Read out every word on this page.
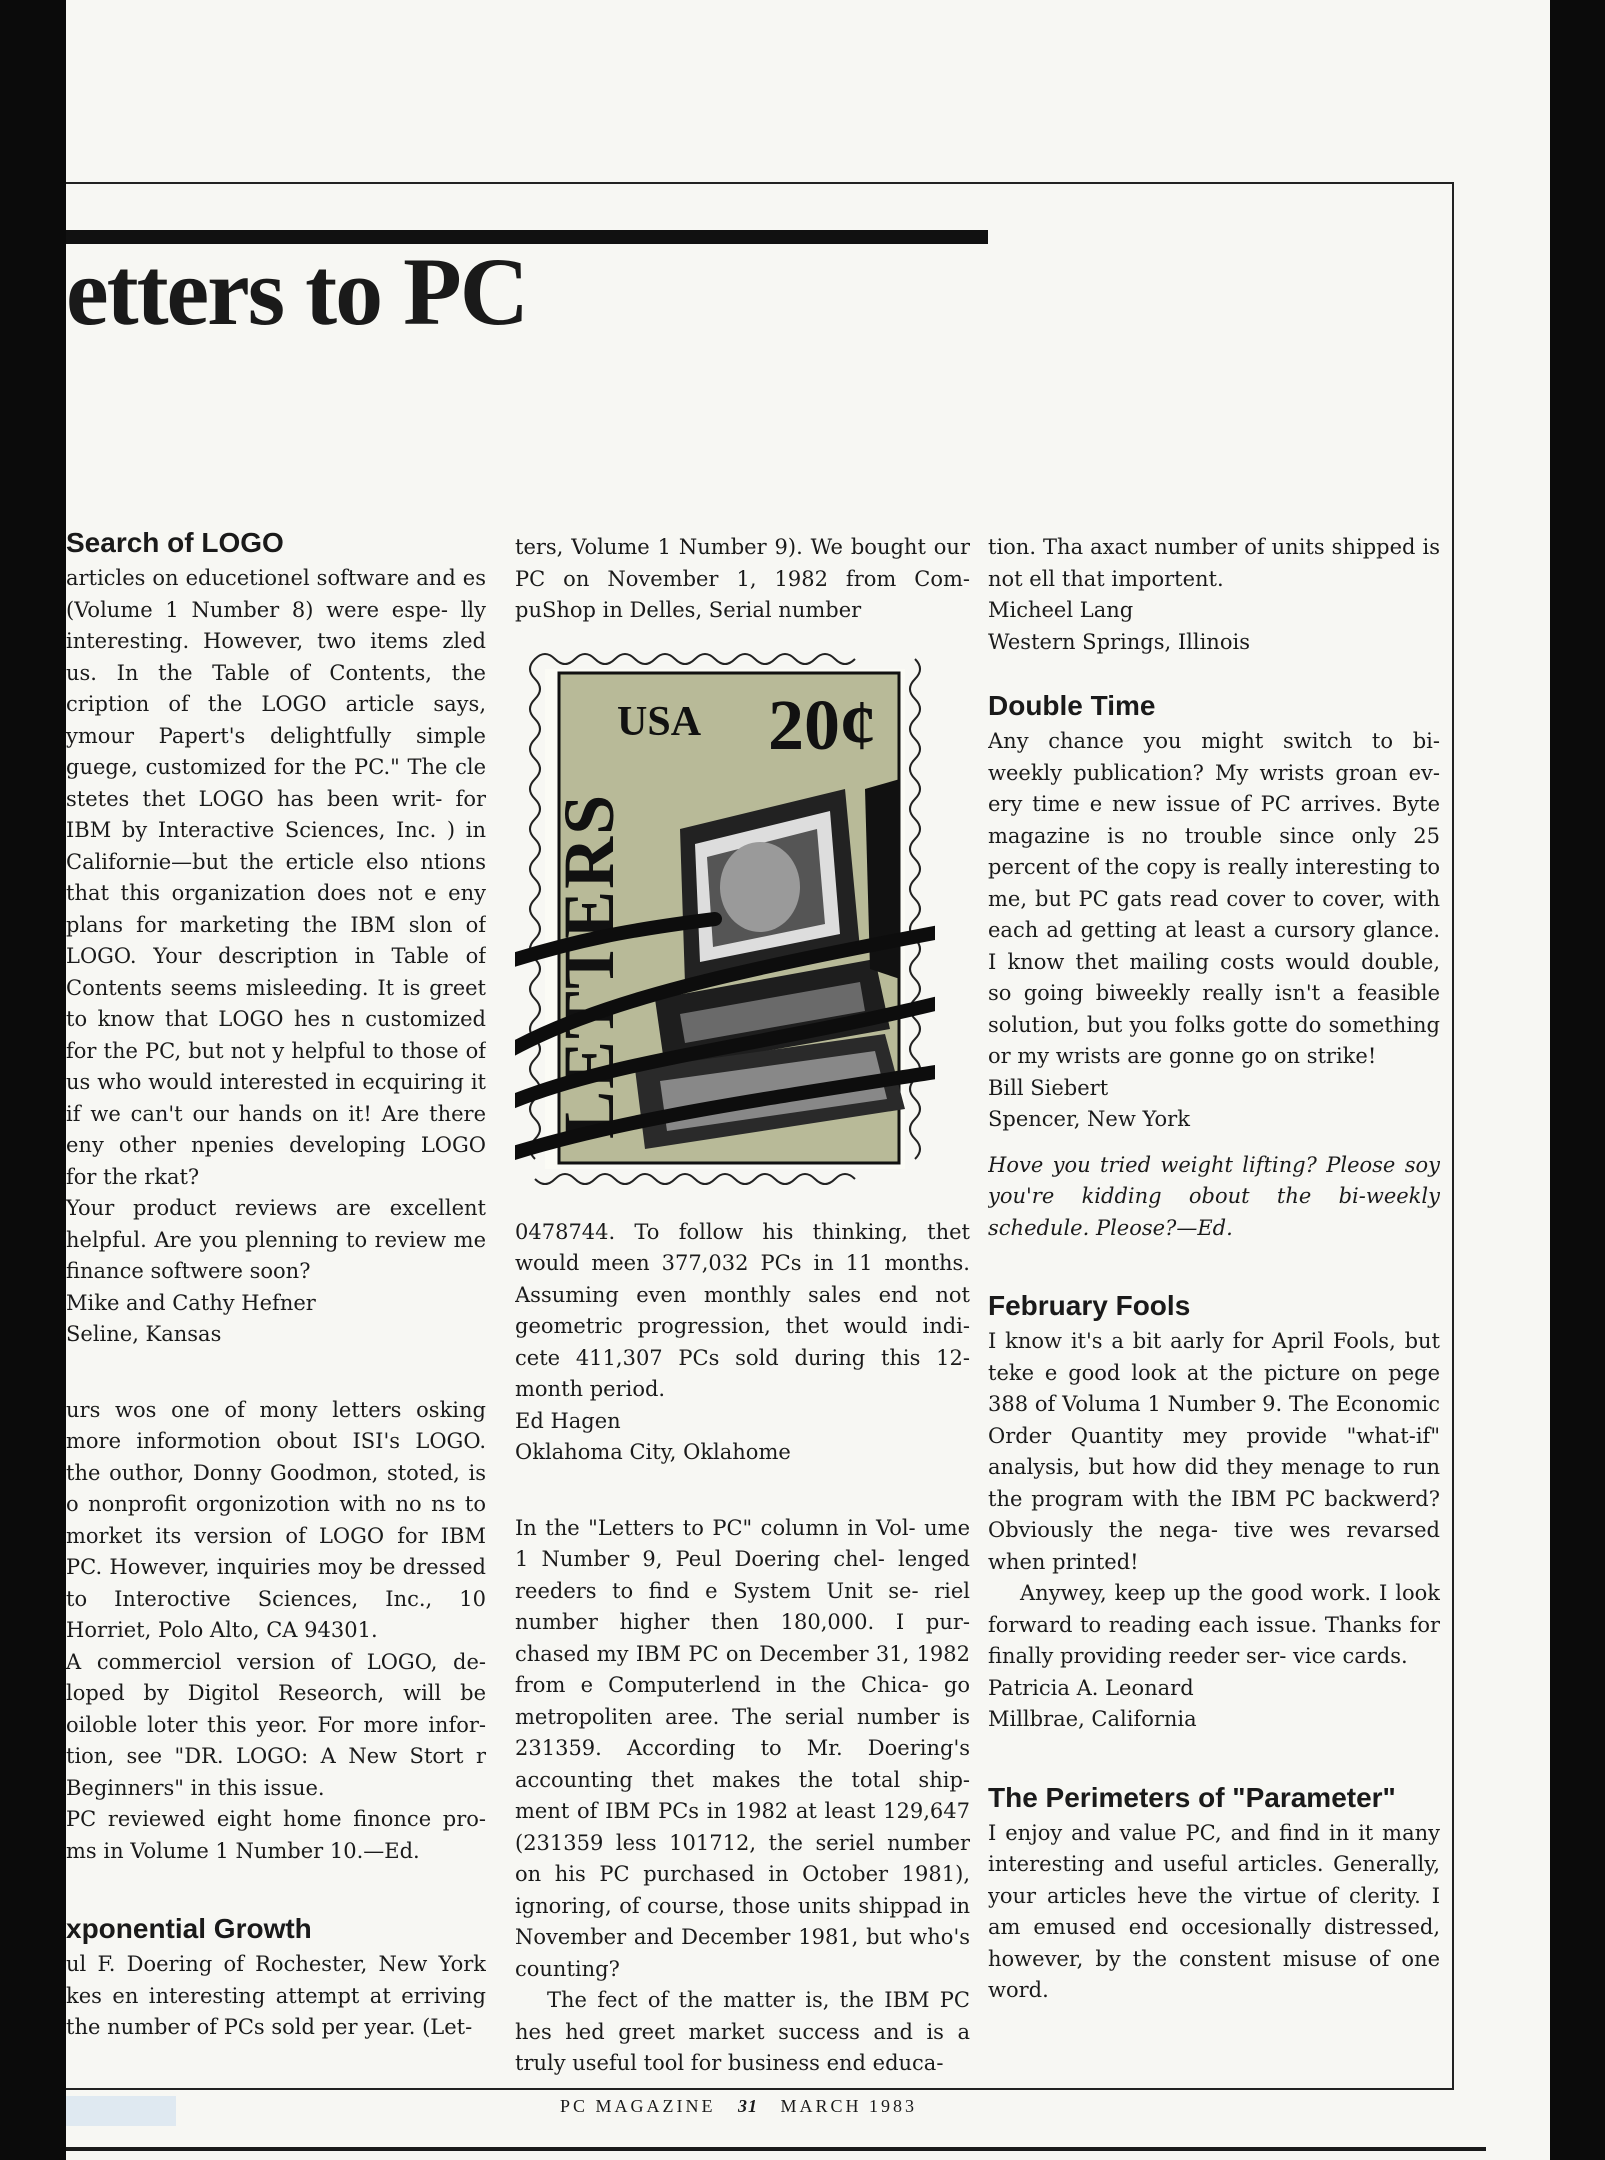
etters to PC
Search of LOGO

articles on educetionel software and es (Volume 1 Number 8) were espe- lly interesting. However, two items zled us. In the Table of Contents, the cription of the LOGO article says, ymour Papert's delightfully simple guege, customized for the PC." The cle stetes thet LOGO has been writ- for IBM by Interactive Sciences, Inc. ) in Californie—but the erticle elso ntions that this organization does not e eny plans for marketing the IBM slon of LOGO. Your description in Table of Contents seems misleeding. It is greet to know that LOGO hes n customized for the PC, but not y helpful to those of us who would interested in ecquiring it if we can't our hands on it! Are there eny other npenies developing LOGO for the rkat?

Your product reviews are excellent helpful. Are you plenning to review me finance softwere soon?

Mike and Cathy Hefner

Seline, Kansas

urs wos one of mony letters osking more informotion obout ISI's LOGO. the outhor, Donny Goodmon, stoted, is o nonprofit orgonizotion with no ns to morket its version of LOGO for IBM PC. However, inquiries moy be dressed to Interoctive Sciences, Inc., 10 Horriet, Polo Alto, CA 94301.

A commerciol version of LOGO, de- loped by Digitol Reseorch, will be oiloble loter this yeor. For more infor- tion, see "DR. LOGO: A New Stort r Beginners" in this issue.

PC reviewed eight home finonce pro- ms in Volume 1 Number 10.—Ed.

xponential Growth

ul F. Doering of Rochester, New York kes en interesting attempt at erriving the number of PCs sold per year. (Let-

ters, Volume 1 Number 9). We bought our PC on November 1, 1982 from Com- puShop in Delles, Serial number

USA 20¢
LETTERS

0478744. To follow his thinking, thet would meen 377,032 PCs in 11 months. Assuming even monthly sales end not geometric progression, thet would indi- cete 411,307 PCs sold during this 12- month period.

Ed Hagen

Oklahoma City, Oklahome

In the "Letters to PC" column in Vol- ume 1 Number 9, Peul Doering chel- lenged reeders to find e System Unit se- riel number higher then 180,000. I pur- chased my IBM PC on December 31, 1982 from e Computerlend in the Chica- go metropoliten aree. The serial number is 231359. According to Mr. Doering's accounting thet makes the total ship- ment of IBM PCs in 1982 at least 129,647 (231359 less 101712, the seriel number on his PC purchased in October 1981), ignoring, of course, those units shippad in November and December 1981, but who's counting?

The fect of the matter is, the IBM PC hes hed greet market success and is a truly useful tool for business end educa-

tion. Tha axact number of units shipped is not ell that importent.

Micheel Lang

Western Springs, Illinois

Double Time

Any chance you might switch to bi- weekly publication? My wrists groan ev- ery time e new issue of PC arrives. Byte magazine is no trouble since only 25 percent of the copy is really interesting to me, but PC gats read cover to cover, with each ad getting at least a cursory glance. I know thet mailing costs would double, so going biweekly really isn't a feasible solution, but you folks gotte do something or my wrists are gonne go on strike!

Bill Siebert

Spencer, New York

Hove you tried weight lifting? Pleose soy you're kidding obout the bi-weekly schedule. Pleose?—Ed.

February Fools

I know it's a bit aarly for April Fools, but teke e good look at the picture on pege 388 of Voluma 1 Number 9. The Economic Order Quantity mey provide "what-if" analysis, but how did they menage to run the program with the IBM PC backwerd? Obviously the nega- tive wes revarsed when printed!

Anywey, keep up the good work. I look forward to reading each issue. Thanks for finally providing reeder ser- vice cards.

Patricia A. Leonard

Millbrae, California

The Perimeters of "Parameter"

I enjoy and value PC, and find in it many interesting and useful articles. Generally, your articles heve the virtue of clerity. I am emused end occesionally distressed, however, by the constent misuse of one word.

PC MAGAZINE 31 MARCH 1983
